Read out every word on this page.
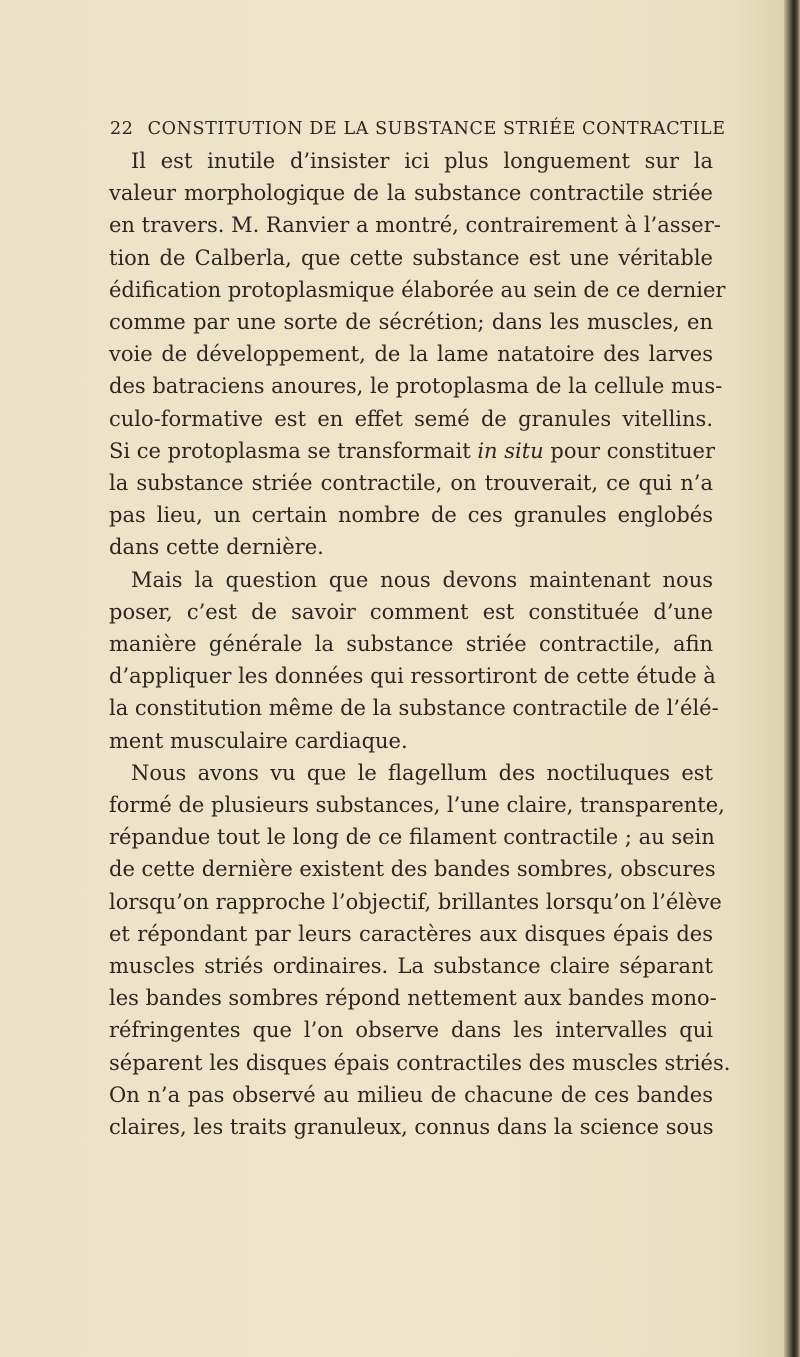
22 CONSTITUTION DE LA SUBSTANCE STRIÉE CONTRACTILE

Il est inutile d’insister ici plus longuement sur la
valeur morphologique de la substance contractile striée
en travers. M. Ranvier a montré, contrairement à l’asser-
tion de Calberla, que cette substance est une véritable
édification protoplasmique élaborée au sein de ce dernier
comme par une sorte de sécrétion; dans les muscles, en
voie de développement, de la lame natatoire des larves
des batraciens anoures, le protoplasma de la cellule mus-
culo-formative est en effet semé de granules vitellins.
Si ce protoplasma se transformait in situ pour constituer
la substance striée contractile, on trouverait, ce qui n’a
pas lieu, un certain nombre de ces granules englobés
dans cette dernière.

Mais la question que nous devons maintenant nous
poser, c’est de savoir comment est constituée d’une
manière générale la substance striée contractile, afin
d’appliquer les données qui ressortiront de cette étude à
la constitution même de la substance contractile de l’élé-
ment musculaire cardiaque.

Nous avons vu que le flagellum des noctiluques est
formé de plusieurs substances, l’une claire, transparente,
répandue tout le long de ce filament contractile ; au sein
de cette dernière existent des bandes sombres, obscures
lorsqu’on rapproche l’objectif, brillantes lorsqu’on l’élève
et répondant par leurs caractères aux disques épais des
muscles striés ordinaires. La substance claire séparant
les bandes sombres répond nettement aux bandes mono-
réfringentes que l’on observe dans les intervalles qui
séparent les disques épais contractiles des muscles striés.
On n’a pas observé au milieu de chacune de ces bandes
claires, les traits granuleux, connus dans la science sous
